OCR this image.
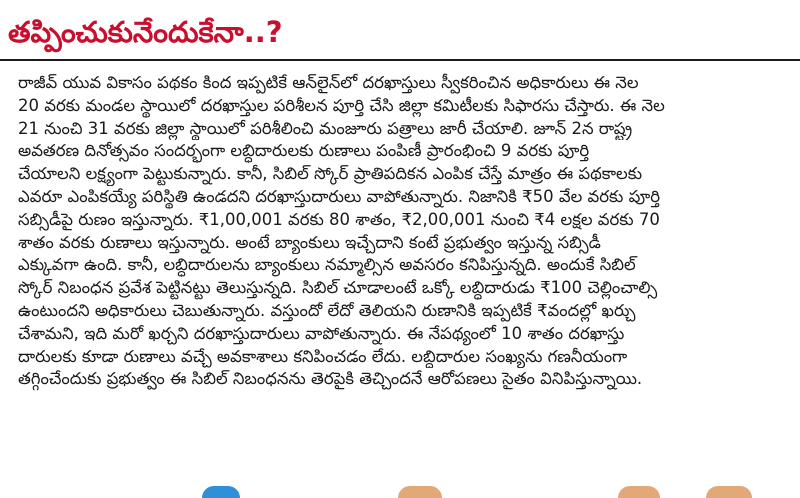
తప్పించుకునేందుకేనా..?
రాజీవ్ యువ వికాసం పథకం కింద ఇప్పటికే ఆన్‌లైన్‌లో దరఖాస్తులు స్వీకరించిన అధికారులు ఈ నెల
20 వరకు మండల స్థాయిలో దరఖాస్తుల పరిశీలన పూర్తి చేసి జిల్లా కమిటీలకు సిఫారసు చేస్తారు. ఈ నెల
21 నుంచి 31 వరకు జిల్లా స్థాయిలో పరిశీలించి మంజూరు పత్రాలు జారీ చేయాలి. జూన్ 2న రాష్ట్ర
అవతరణ దినోత్సవం సందర్భంగా లబ్ధిదారులకు రుణాలు పంపిణీ ప్రారంభించి 9 వరకు పూర్తి
చేయాలని లక్ష్యంగా పెట్టుకున్నారు. కానీ, సిబిల్ స్కోర్ ప్రాతిపదికన ఎంపిక చేస్తే మాత్రం ఈ పథకాలకు
ఎవరూ ఎంపికయ్యే పరిస్థితి ఉండదని దరఖాస్తుదారులు వాపోతున్నారు. నిజానికి ₹50 వేల వరకు పూర్తి
సబ్సిడీపై రుణం ఇస్తున్నారు. ₹1,00,001 వరకు 80 శాతం, ₹2,00,001 నుంచి ₹4 లక్షల వరకు 70
శాతం వరకు రుణాలు ఇస్తున్నారు. అంటే బ్యాంకులు ఇచ్చేదాని కంటే ప్రభుత్వం ఇస్తున్న సబ్సిడీ
ఎక్కువగా ఉంది. కానీ, లబ్ధిదారులను బ్యాంకులు నమ్మాల్సిన అవసరం కనిపిస్తున్నది. అందుకే సిబిల్
స్కోర్ నిబంధన ప్రవేశ పెట్టినట్టు తెలుస్తున్నది. సిబిల్ చూడాలంటే ఒక్కో లబ్ధిదారుడు ₹100 చెల్లించాల్సి
ఉంటుందని అధికారులు చెబుతున్నారు. వస్తుందో లేదో తెలియని రుణానికి ఇప్పటికే ₹వందల్లో ఖర్చు
చేశామని, ఇది మరో ఖర్చని దరఖాస్తుదారులు వాపోతున్నారు. ఈ నేపథ్యంలో 10 శాతం దరఖాస్తు
దారులకు కూడా రుణాలు వచ్చే అవకాశాలు కనిపించడం లేదు. లబ్ధిదారుల సంఖ్యను గణనీయంగా
తగ్గించేందుకు ప్రభుత్వం ఈ సిబిల్ నిబంధనను తెరపైకి తెచ్చిందనే ఆరోపణలు సైతం వినిపిస్తున్నాయి.
